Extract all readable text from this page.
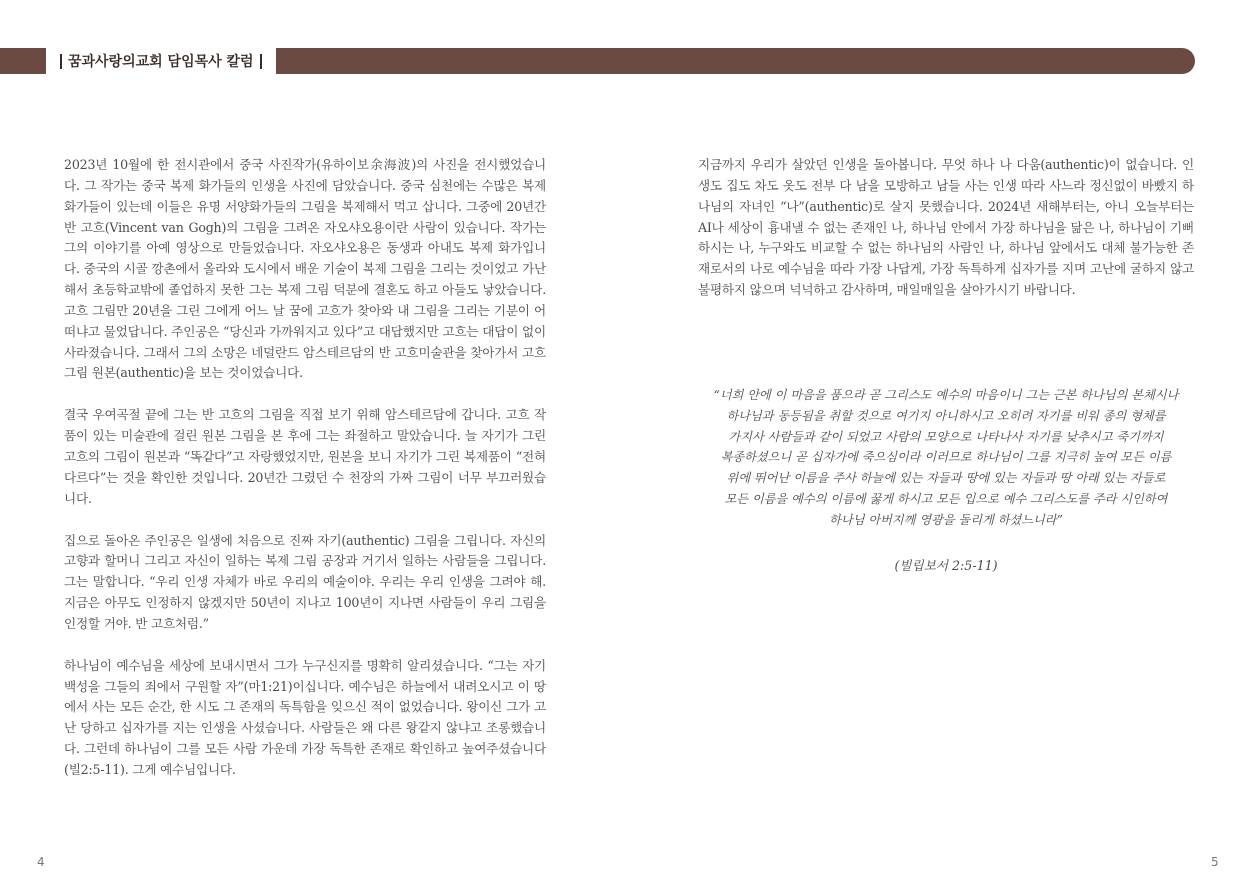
꿈과사랑의교회 담임목사 칼럼

2023년 10월에 한 전시관에서 중국 사진작가(유하이보余海波)의 사진을 전시했었습니다. 그 작가는 중국 복제 화가들의 인생을 사진에 담았습니다. 중국 심천에는 수많은 복제 화가들이 있는데 이들은 유명 서양화가들의 그림을 복제해서 먹고 삽니다. 그중에 20년간 반 고흐(Vincent van Gogh)의 그림을 그려온 자오샤오용이란 사람이 있습니다. 작가는 그의 이야기를 아예 영상으로 만들었습니다. 자오샤오용은 동생과 아내도 복제 화가입니다. 중국의 시골 깡촌에서 올라와 도시에서 배운 기술이 복제 그림을 그리는 것이었고 가난해서 초등학교밖에 졸업하지 못한 그는 복제 그림 덕분에 결혼도 하고 아들도 낳았습니다. 고흐 그림만 20년을 그린 그에게 어느 날 꿈에 고흐가 찾아와 내 그림을 그리는 기분이 어떠냐고 물었답니다. 주인공은 “당신과 가까워지고 있다”고 대답했지만 고흐는 대답이 없이 사라졌습니다. 그래서 그의 소망은 네덜란드 암스테르담의 반 고흐미술관을 찾아가서 고흐 그림 원본(authentic)을 보는 것이었습니다.

결국 우여곡절 끝에 그는 반 고흐의 그림을 직접 보기 위해 암스테르담에 갑니다. 고흐 작품이 있는 미술관에 걸린 원본 그림을 본 후에 그는 좌절하고 말았습니다. 늘 자기가 그린 고흐의 그림이 원본과 “똑같다”고 자랑했었지만, 원본을 보니 자기가 그린 복제품이 “전혀 다르다”는 것을 확인한 것입니다. 20년간 그렸던 수 천장의 가짜 그림이 너무 부끄러웠습니다.

집으로 돌아온 주인공은 일생에 처음으로 진짜 자기(authentic) 그림을 그립니다. 자신의 고향과 할머니 그리고 자신이 일하는 복제 그림 공장과 거기서 일하는 사람들을 그립니다. 그는 말합니다. “우리 인생 자체가 바로 우리의 예술이야. 우리는 우리 인생을 그려야 해. 지금은 아무도 인정하지 않겠지만 50년이 지나고 100년이 지나면 사람들이 우리 그림을 인정할 거야. 반 고흐처럼.”

하나님이 예수님을 세상에 보내시면서 그가 누구신지를 명확히 알리셨습니다. “그는 자기 백성을 그들의 죄에서 구원할 자”(마1:21)이십니다. 예수님은 하늘에서 내려오시고 이 땅에서 사는 모든 순간, 한 시도 그 존재의 독특함을 잊으신 적이 없었습니다. 왕이신 그가 고난 당하고 십자가를 지는 인생을 사셨습니다. 사람들은 왜 다른 왕같지 않냐고 조롱했습니다. 그런데 하나님이 그를 모든 사람 가운데 가장 독특한 존재로 확인하고 높여주셨습니다(빌2:5-11). 그게 예수님입니다.

지금까지 우리가 살았던 인생을 돌아봅니다. 무엇 하나 나 다움(authentic)이 없습니다. 인생도 집도 차도 옷도 전부 다 남을 모방하고 남들 사는 인생 따라 사느라 정신없이 바빴지 하나님의 자녀인 “나”(authentic)로 살지 못했습니다. 2024년 새해부터는, 아니 오늘부터는 AI나 세상이 흉내낼 수 없는 존재인 나, 하나님 안에서 가장 하나님을 닮은 나, 하나님이 기뻐하시는 나, 누구와도 비교할 수 없는 하나님의 사람인 나, 하나님 앞에서도 대체 불가능한 존재로서의 나로 예수님을 따라 가장 나답게, 가장 독특하게 십자가를 지며 고난에 굴하지 않고 불평하지 않으며 넉넉하고 감사하며, 매일매일을 살아가시기 바랍니다.

“너희 안에 이 마음을 품으라 곧 그리스도 예수의 마음이니 그는 근본 하나님의 본체시나
하나님과 동등됨을 취할 것으로 여기지 아니하시고 오히려 자기를 비워 종의 형체를
가지사 사람들과 같이 되었고 사람의 모양으로 나타나사 자기를 낮추시고 죽기까지
복종하셨으니 곧 십자가에 죽으심이라 이러므로 하나님이 그를 지극히 높여 모든 이름
위에 뛰어난 이름을 주사 하늘에 있는 자들과 땅에 있는 자들과 땅 아래 있는 자들로
모든 이름을 예수의 이름에 꿇게 하시고 모든 입으로 예수 그리스도를 주라 시인하여
하나님 아버지께 영광을 돌리게 하셨느니라”
(빌립보서 2:5-11)
4	5
